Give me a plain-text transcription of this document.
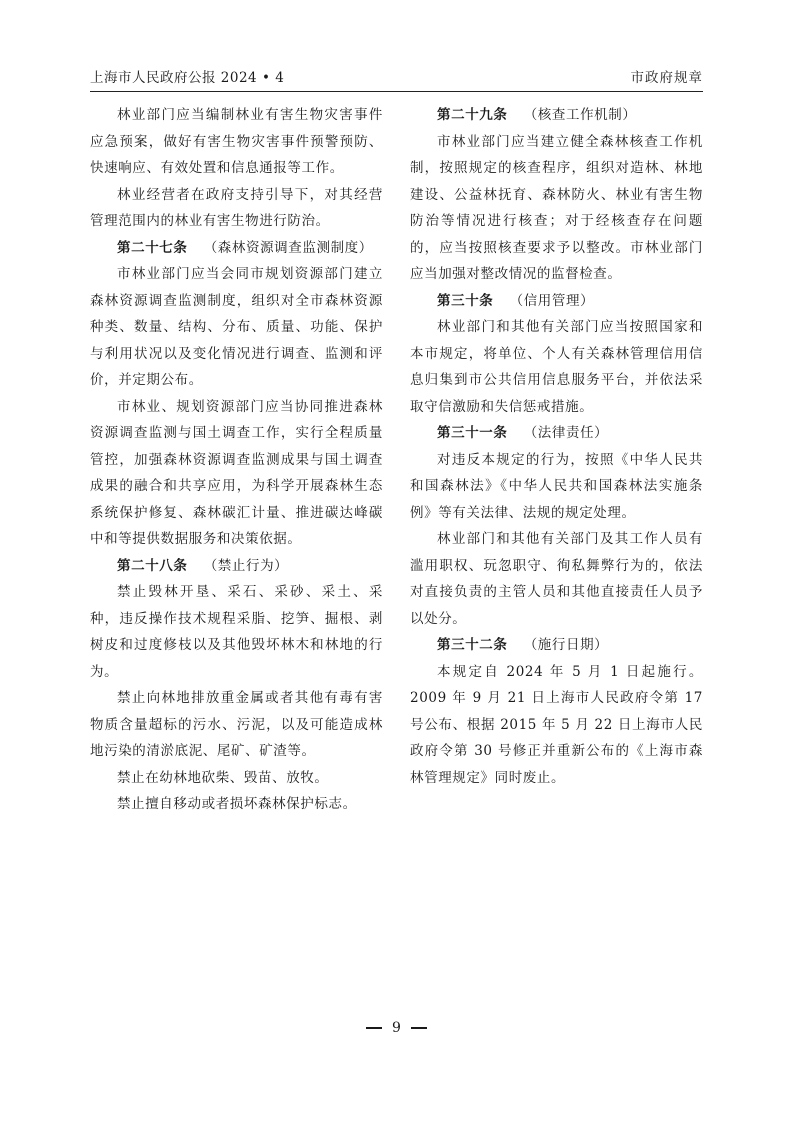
上海市人民政府公报 2024 • 4	市政府规章

林业部门应当编制林业有害生物灾害事件应急预案，做好有害生物灾害事件预警预防、快速响应、有效处置和信息通报等工作。

林业经营者在政府支持引导下，对其经营管理范围内的林业有害生物进行防治。

第二十七条 （森林资源调查监测制度）

市林业部门应当会同市规划资源部门建立森林资源调查监测制度，组织对全市森林资源种类、数量、结构、分布、质量、功能、保护与利用状况以及变化情况进行调查、监测和评价，并定期公布。

市林业、规划资源部门应当协同推进森林资源调查监测与国土调查工作，实行全程质量管控，加强森林资源调查监测成果与国土调查成果的融合和共享应用，为科学开展森林生态系统保护修复、森林碳汇计量、推进碳达峰碳中和等提供数据服务和决策依据。

第二十八条 （禁止行为）

禁止毁林开垦、采石、采砂、采土、采种，违反操作技术规程采脂、挖笋、掘根、剥树皮和过度修枝以及其他毁坏林木和林地的行为。

禁止向林地排放重金属或者其他有毒有害物质含量超标的污水、污泥，以及可能造成林地污染的清淤底泥、尾矿、矿渣等。

禁止在幼林地砍柴、毁苗、放牧。

禁止擅自移动或者损坏森林保护标志。

第二十九条 （核查工作机制）

市林业部门应当建立健全森林核查工作机制，按照规定的核查程序，组织对造林、林地建设、公益林抚育、森林防火、林业有害生物防治等情况进行核查；对于经核查存在问题的，应当按照核查要求予以整改。市林业部门应当加强对整改情况的监督检查。

第三十条 （信用管理）

林业部门和其他有关部门应当按照国家和本市规定，将单位、个人有关森林管理信用信息归集到市公共信用信息服务平台，并依法采取守信激励和失信惩戒措施。

第三十一条 （法律责任）

对违反本规定的行为，按照《中华人民共和国森林法》《中华人民共和国森林法实施条例》等有关法律、法规的规定处理。

林业部门和其他有关部门及其工作人员有滥用职权、玩忽职守、徇私舞弊行为的，依法对直接负责的主管人员和其他直接责任人员予以处分。

第三十二条 （施行日期）

本规定自 2024 年 5 月 1 日起施行。2009 年 9 月 21 日上海市人民政府令第 17 号公布、根据 2015 年 5 月 22 日上海市人民政府令第 30 号修正并重新公布的《上海市森林管理规定》同时废止。

9
